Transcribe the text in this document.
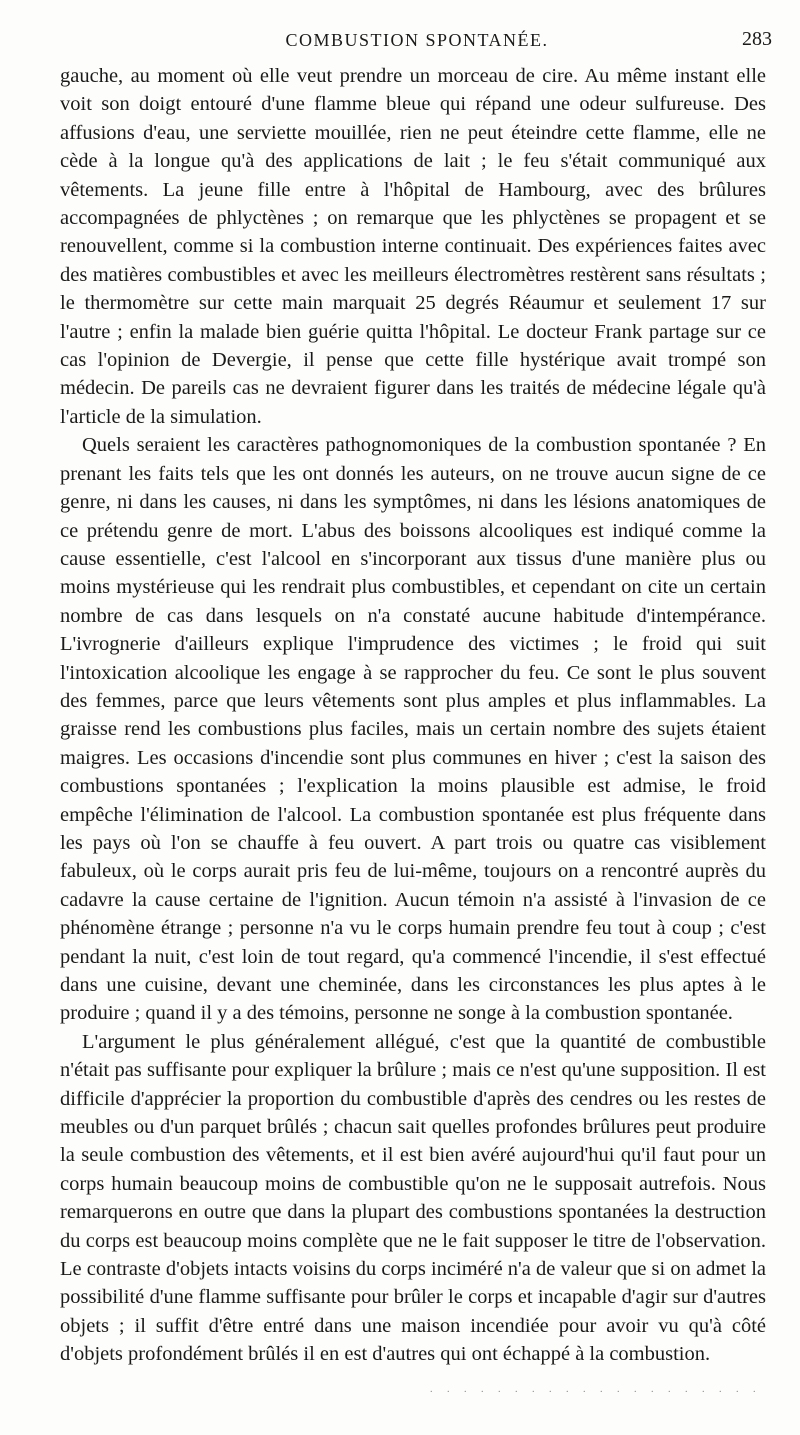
COMBUSTION SPONTANÉE.	283

gauche, au moment où elle veut prendre un morceau de cire. Au même instant elle voit son doigt entouré d'une flamme bleue qui répand une odeur sulfureuse. Des affusions d'eau, une serviette mouillée, rien ne peut éteindre cette flamme, elle ne cède à la longue qu'à des applications de lait ; le feu s'était communiqué aux vêtements. La jeune fille entre à l'hôpital de Hambourg, avec des brûlures accompagnées de phlyctènes ; on remarque que les phlyctènes se propagent et se renouvellent, comme si la combustion interne continuait. Des expériences faites avec des matières combustibles et avec les meilleurs électromètres restèrent sans résultats ; le thermomètre sur cette main marquait 25 degrés Réaumur et seulement 17 sur l'autre ; enfin la malade bien guérie quitta l'hôpital. Le docteur Frank partage sur ce cas l'opinion de Devergie, il pense que cette fille hystérique avait trompé son médecin. De pareils cas ne devraient figurer dans les traités de médecine légale qu'à l'article de la simulation.

Quels seraient les caractères pathognomoniques de la combustion spontanée ? En prenant les faits tels que les ont donnés les auteurs, on ne trouve aucun signe de ce genre, ni dans les causes, ni dans les symptômes, ni dans les lésions anatomiques de ce prétendu genre de mort. L'abus des boissons alcooliques est indiqué comme la cause essentielle, c'est l'alcool en s'incorporant aux tissus d'une manière plus ou moins mystérieuse qui les rendrait plus combustibles, et cependant on cite un certain nombre de cas dans lesquels on n'a constaté aucune habitude d'intempérance. L'ivrognerie d'ailleurs explique l'imprudence des victimes ; le froid qui suit l'intoxication alcoolique les engage à se rapprocher du feu. Ce sont le plus souvent des femmes, parce que leurs vêtements sont plus amples et plus inflammables. La graisse rend les combustions plus faciles, mais un certain nombre des sujets étaient maigres. Les occasions d'incendie sont plus communes en hiver ; c'est la saison des combustions spontanées ; l'explication la moins plausible est admise, le froid empêche l'élimination de l'alcool. La combustion spontanée est plus fréquente dans les pays où l'on se chauffe à feu ouvert. A part trois ou quatre cas visiblement fabuleux, où le corps aurait pris feu de lui-même, toujours on a rencontré auprès du cadavre la cause certaine de l'ignition. Aucun témoin n'a assisté à l'invasion de ce phénomène étrange ; personne n'a vu le corps humain prendre feu tout à coup ; c'est pendant la nuit, c'est loin de tout regard, qu'a commencé l'incendie, il s'est effectué dans une cuisine, devant une cheminée, dans les circonstances les plus aptes à le produire ; quand il y a des témoins, personne ne songe à la combustion spontanée.

L'argument le plus généralement allégué, c'est que la quantité de combustible n'était pas suffisante pour expliquer la brûlure ; mais ce n'est qu'une supposition. Il est difficile d'apprécier la proportion du combustible d'après des cendres ou les restes de meubles ou d'un parquet brûlés ; chacun sait quelles profondes brûlures peut produire la seule combustion des vêtements, et il est bien avéré aujourd'hui qu'il faut pour un corps humain beaucoup moins de combustible qu'on ne le supposait autrefois. Nous remarquerons en outre que dans la plupart des combustions spontanées la destruction du corps est beaucoup moins complète que ne le fait supposer le titre de l'observation. Le contraste d'objets intacts voisins du corps inciméré n'a de valeur que si on admet la possibilité d'une flamme suffisante pour brûler le corps et incapable d'agir sur d'autres objets ; il suffit d'être entré dans une maison incendiée pour avoir vu qu'à côté d'objets profondément brûlés il en est d'autres qui ont échappé à la combustion.

. . . . . . . . . . . . . . . . . . . .
